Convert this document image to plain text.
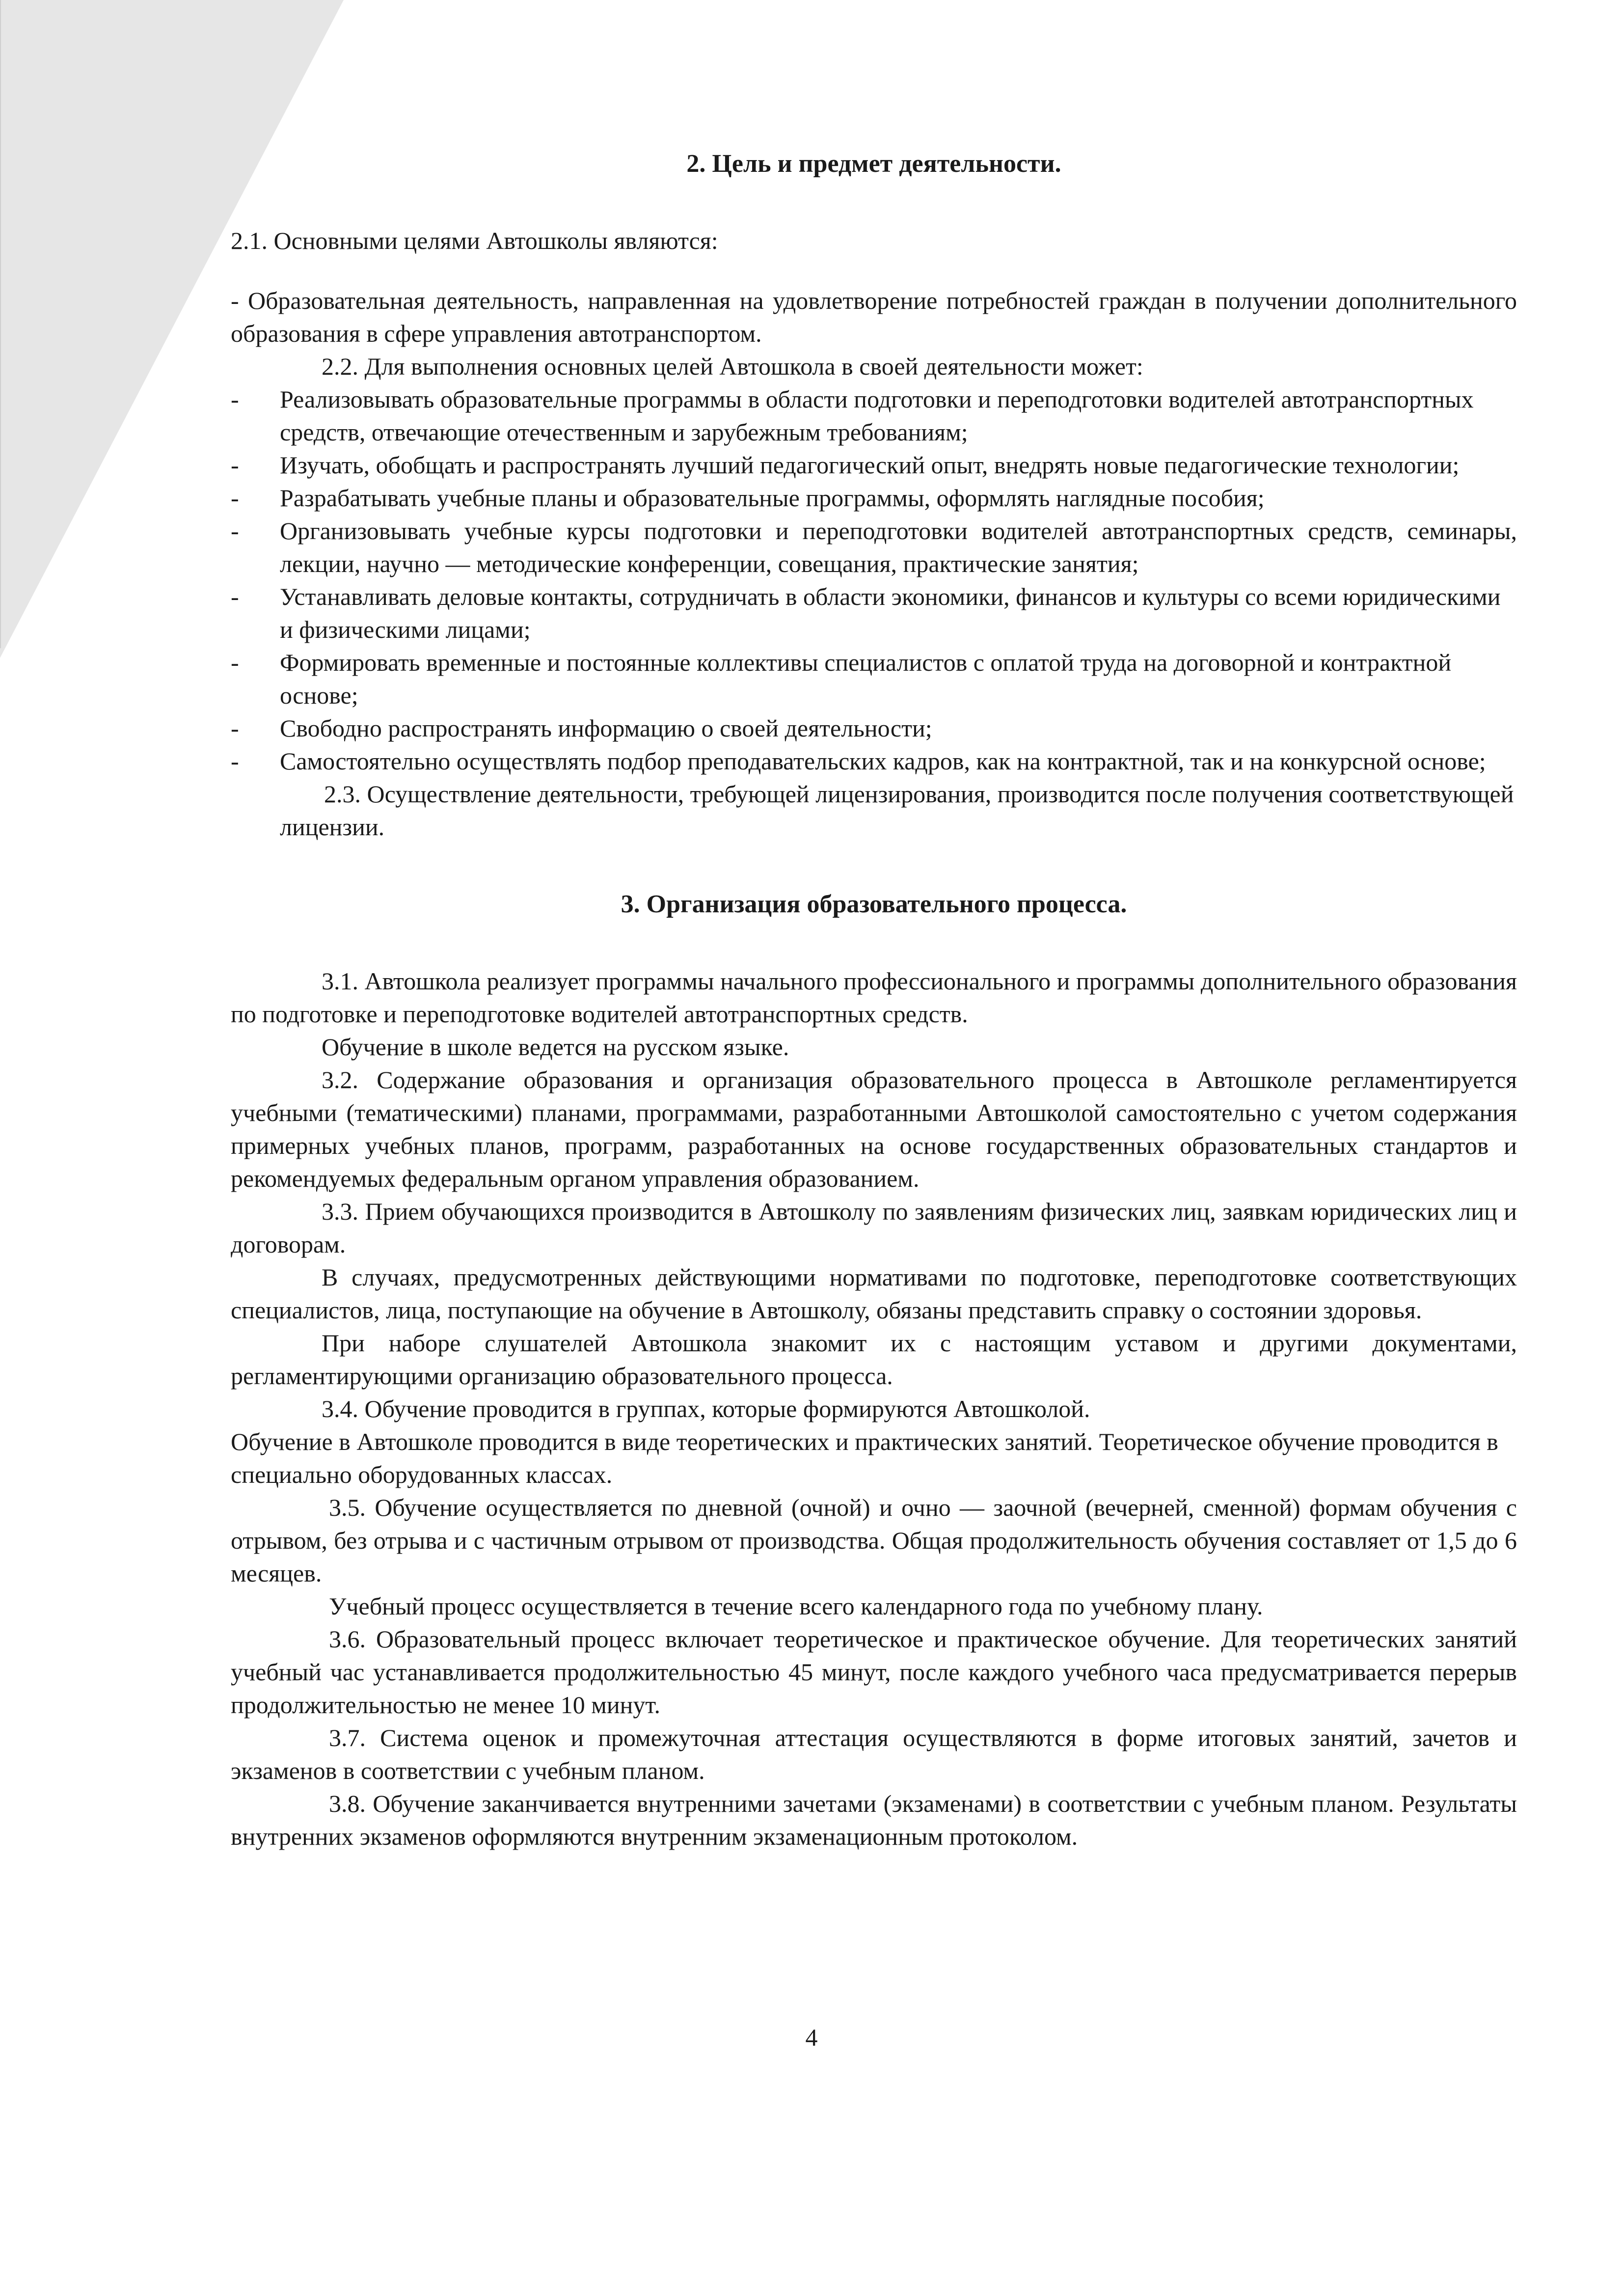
2. Цель и предмет деятельности.

2.1. Основными целями Автошколы являются:

- Образовательная деятельность, направленная на удовлетворение потребностей граждан в получении дополнительного образования в сфере управления автотранспортом.

2.2. Для выполнения основных целей Автошкола в своей деятельности может:

- Реализовывать образовательные программы в области подготовки и переподготовки водителей автотранспортных средств, отвечающие отечественным и зарубежным требованиям;

- Изучать, обобщать и распространять лучший педагогический опыт, внедрять новые педагогические технологии;

- Разрабатывать учебные планы и образовательные программы, оформлять наглядные пособия;

- Организовывать учебные курсы подготовки и переподготовки водителей автотранспортных средств, семинары, лекции, научно — методические конференции, совещания, практические занятия;

- Устанавливать деловые контакты, сотрудничать в области экономики, финансов и культуры со всеми юридическими и физическими лицами;

- Формировать временные и постоянные коллективы специалистов с оплатой труда на договорной и контрактной основе;

- Свободно распространять информацию о своей деятельности;

- Самостоятельно осуществлять подбор преподавательских кадров, как на контрактной, так и на конкурсной основе;

2.3. Осуществление деятельности, требующей лицензирования, производится после получения соответствующей лицензии.

3. Организация образовательного процесса.

3.1. Автошкола реализует программы начального профессионального и программы дополнительного образования по подготовке и переподготовке водителей автотранспортных средств.

Обучение в школе ведется на русском языке.

3.2. Содержание образования и организация образовательного процесса в Автошколе регламентируется учебными (тематическими) планами, программами, разработанными Автошколой самостоятельно с учетом содержания примерных учебных планов, программ, разработанных на основе государственных образовательных стандартов и рекомендуемых федеральным органом управления образованием.

3.3. Прием обучающихся производится в Автошколу по заявлениям физических лиц, заявкам юридических лиц и договорам.

В случаях, предусмотренных действующими нормативами по подготовке, переподготовке соответствующих специалистов, лица, поступающие на обучение в Автошколу, обязаны представить справку о состоянии здоровья.

При наборе слушателей Автошкола знакомит их с настоящим уставом и другими документами, регламентирующими организацию образовательного процесса.

3.4. Обучение проводится в группах, которые формируются Автошколой.

Обучение в Автошколе проводится в виде теоретических и практических занятий. Теоретическое обучение проводится в специально оборудованных классах.

3.5. Обучение осуществляется по дневной (очной) и очно — заочной (вечерней, сменной) формам обучения с отрывом, без отрыва и с частичным отрывом от производства. Общая продолжительность обучения составляет от 1,5 до 6 месяцев.

Учебный процесс осуществляется в течение всего календарного года по учебному плану.

3.6. Образовательный процесс включает теоретическое и практическое обучение. Для теоретических занятий учебный час устанавливается продолжительностью 45 минут, после каждого учебного часа предусматривается перерыв продолжительностью не менее 10 минут.

3.7. Система оценок и промежуточная аттестация осуществляются в форме итоговых занятий, зачетов и экзаменов в соответствии с учебным планом.

3.8. Обучение заканчивается внутренними зачетами (экзаменами) в соответствии с учебным планом. Результаты внутренних экзаменов оформляются внутренним экзаменационным протоколом.

4
